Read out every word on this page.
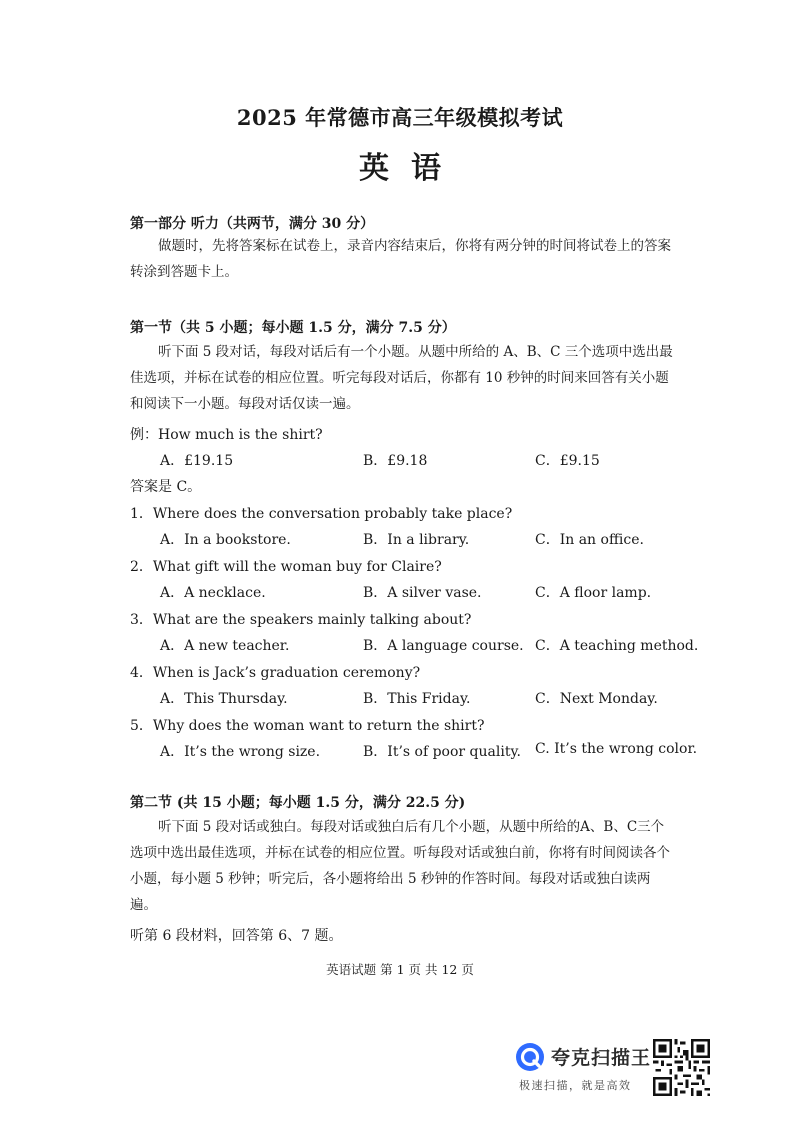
2025 年常德市高三年级模拟考试
英语
第一部分 听力（共两节，满分 30 分）
做题时，先将答案标在试卷上，录音内容结束后，你将有两分钟的时间将试卷上的答案转涂到答题卡上。
第一节（共 5 小题；每小题 1.5 分，满分 7.5 分）
听下面 5 段对话，每段对话后有一个小题。从题中所给的 A、B、C 三个选项中选出最佳选项，并标在试卷的相应位置。听完每段对话后，你都有 10 秒钟的时间来回答有关小题和阅读下一小题。每段对话仅读一遍。
例：How much is the shirt?
A．£19.15	B．£9.18	C．£9.15
答案是 C。
1．Where does the conversation probably take place?
A．In a bookstore.	B．In a library.	C．In an office.
2．What gift will the woman buy for Claire?
A．A necklace.	B．A silver vase.	C．A floor lamp.
3．What are the speakers mainly talking about?
A．A new teacher.	B．A language course. C．A teaching method.
4．When is Jack’s graduation ceremony?
A．This Thursday.	B．This Friday.	C．Next Monday.
5．Why does the woman want to return the shirt?
A．It’s the wrong size.	B．It’s of poor quality. C. It’s the wrong color.
第二节 (共 15 小题；每小题 1.5 分，满分 22.5 分)
听下面 5 段对话或独白。每段对话或独白后有几个小题，从题中所给的A、B、C三个选项中选出最佳选项，并标在试卷的相应位置。听每段对话或独白前，你将有时间阅读各个小题，每小题 5 秒钟；听完后，各小题将给出 5 秒钟的作答时间。每段对话或独白读两遍。
听第 6 段材料，回答第 6、7 题。
英语试题 第 1 页 共 12 页
夸克扫描王
极速扫描，就是高效
